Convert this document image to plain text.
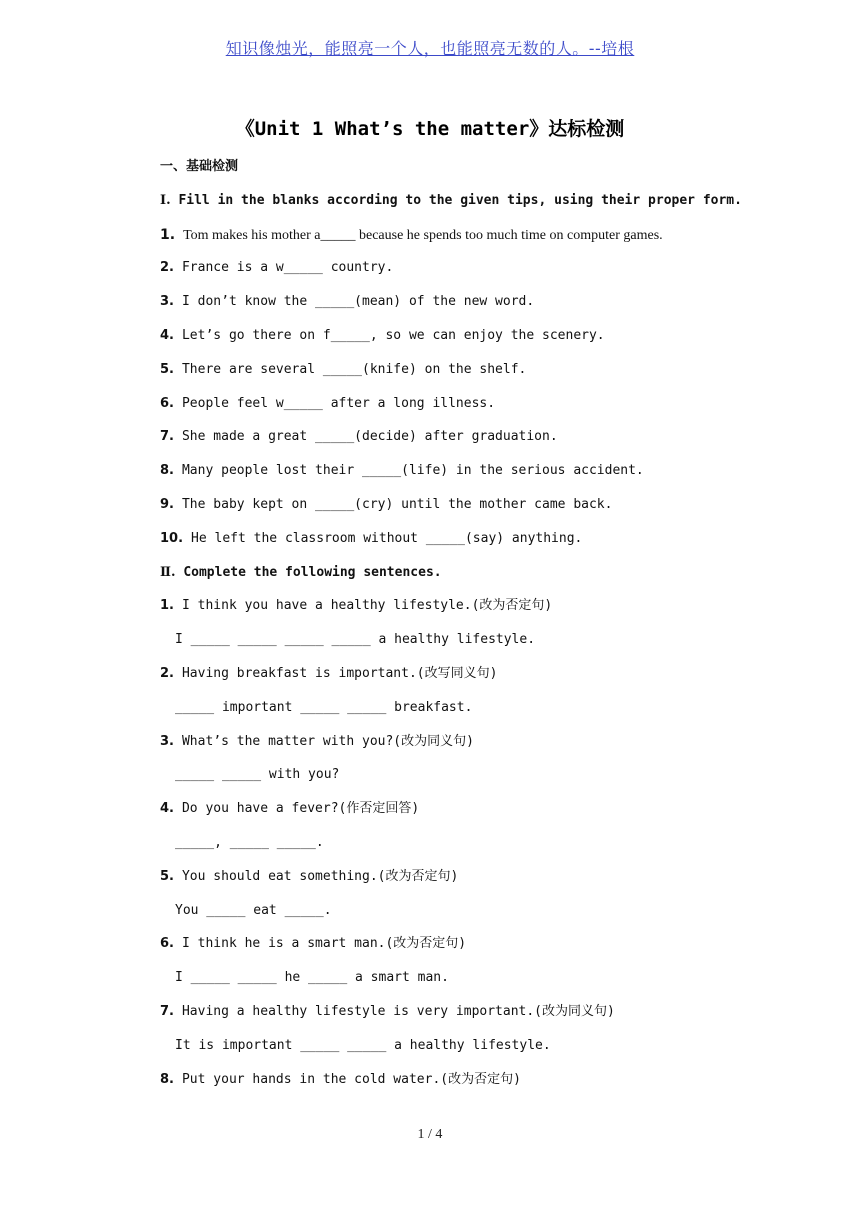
知识像烛光，能照亮一个人，也能照亮无数的人。--培根
《Unit 1 What’s the matter》达标检测
一、基础检测
Ⅰ. Fill in the blanks according to the given tips, using their proper form.
1. Tom makes his mother a_____ because he spends too much time on computer games.
2. France is a w_____ country.
3. I don’t know the _____(mean) of the new word.
4. Let’s go there on f_____, so we can enjoy the scenery.
5. There are several _____(knife) on the shelf.
6. People feel w_____ after a long illness.
7. She made a great _____(decide) after graduation.
8. Many people lost their _____(life) in the serious accident.
9. The baby kept on _____(cry) until the mother came back.
10. He left the classroom without _____(say) anything.
Ⅱ. Complete the following sentences.
1. I think you have a healthy lifestyle.(改为否定句)
I _____ _____ _____ _____ a healthy lifestyle.
2. Having breakfast is important.(改写同义句)
_____ important _____ _____ breakfast.
3. What’s the matter with you?(改为同义句)
_____ _____ with you?
4. Do you have a fever?(作否定回答)
_____, _____ _____.
5. You should eat something.(改为否定句)
You _____ eat _____.
6. I think he is a smart man.(改为否定句)
I _____ _____ he _____ a smart man.
7. Having a healthy lifestyle is very important.(改为同义句)
It is important _____ _____ a healthy lifestyle.
8. Put your hands in the cold water.(改为否定句)
1 / 4
